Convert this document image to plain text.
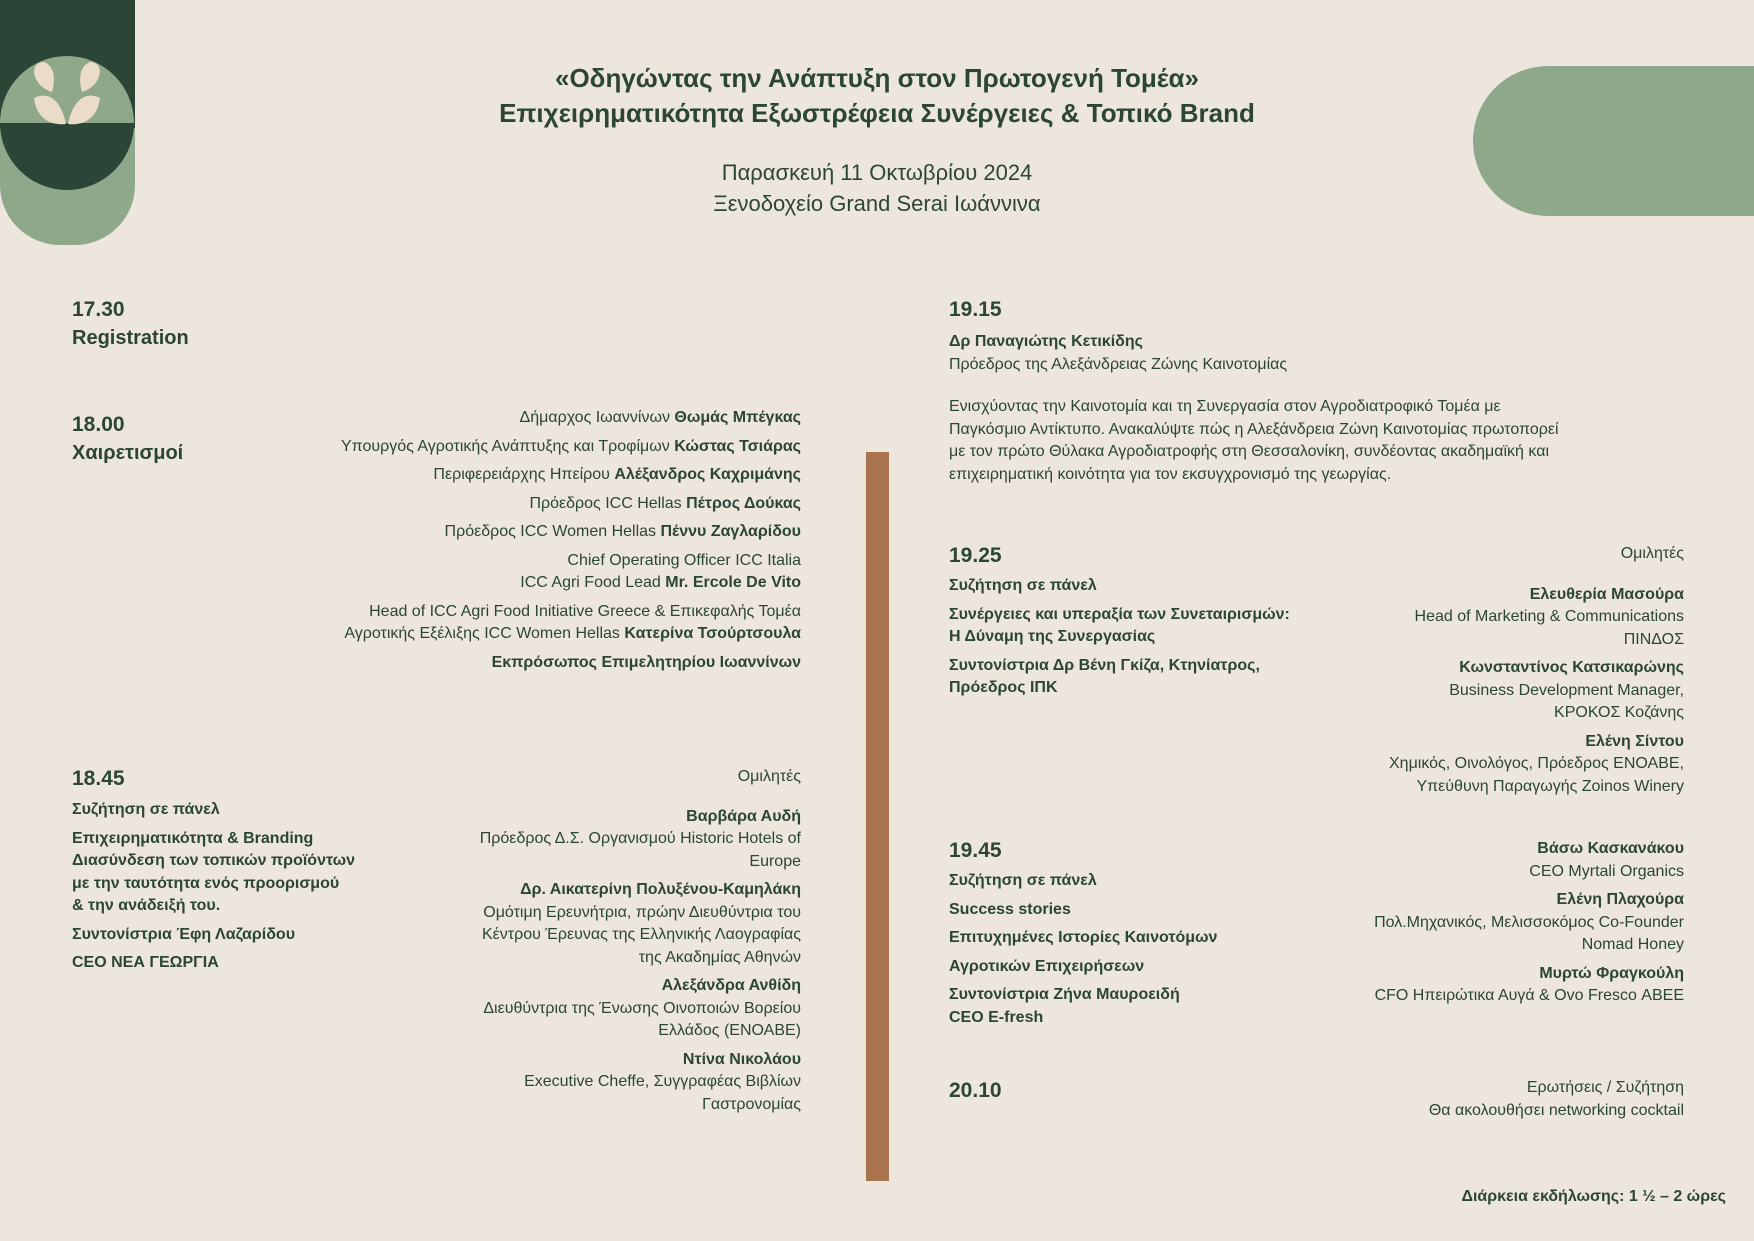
«Οδηγώντας την Ανάπτυξη στον Πρωτογενή Τομέα»
Επιχειρηματικότητα Εξωστρέφεια Συνέργειες & Τοπικό Brand
Παρασκευή 11 Οκτωβρίου 2024
Ξενοδοχείο Grand Serai Ιωάννινα
17.30
Registration
18.00
Χαιρετισμοί
Δήμαρχος Ιωαννίνων Θωμάς Μπέγκας
Υπουργός Αγροτικής Ανάπτυξης και Τροφίμων Κώστας Τσιάρας
Περιφερειάρχης Ηπείρου Αλέξανδρος Καχριμάνης
Πρόεδρος ICC Hellas Πέτρος Δούκας
Πρόεδρος ICC Women Hellas Πέννυ Ζαγλαρίδου
Chief Operating Officer ICC Italia
ICC Agri Food Lead Mr. Ercole De Vito
Head of ICC Agri Food Initiative Greece & Επικεφαλής Τομέα
Αγροτικής Εξέλιξης ICC Women Hellas Κατερίνα Τσούρτσουλα
Εκπρόσωπος Επιμελητηρίου Ιωαννίνων
18.45
Συζήτηση σε πάνελ
Επιχειρηματικότητα & Branding
Διασύνδεση των τοπικών προϊόντων
με την ταυτότητα ενός προορισμού
& την ανάδειξή του.
Συντονίστρια Έφη Λαζαρίδου
CEO ΝΕΑ ΓΕΩΡΓΙΑ
Ομιλητές
Βαρβάρα Αυδή
Πρόεδρος Δ.Σ. Οργανισμού Historic Hotels of
Europe
Δρ. Αικατερίνη Πολυξένου-Καμηλάκη
Ομότιμη Ερευνήτρια, πρώην Διευθύντρια του
Κέντρου Έρευνας της Ελληνικής Λαογραφίας
της Ακαδημίας Αθηνών
Αλεξάνδρα Ανθίδη
Διευθύντρια της Ένωσης Οινοποιών Βορείου
Ελλάδος (ΕΝΟΑΒΕ)
Ντίνα Νικολάου
Executive Cheffe, Συγγραφέας Βιβλίων
Γαστρονομίας
19.15
Δρ Παναγιώτης Κετικίδης
Πρόεδρος της Αλεξάνδρειας Ζώνης Καινοτομίας
Ενισχύοντας την Καινοτομία και τη Συνεργασία στον Αγροδιατροφικό Τομέα με
Παγκόσμιο Αντίκτυπο. Ανακαλύψτε πώς η Αλεξάνδρεια Ζώνη Καινοτομίας πρωτοπορεί
με τον πρώτο Θύλακα Αγροδιατροφής στη Θεσσαλονίκη, συνδέοντας ακαδημαϊκή και
επιχειρηματική κοινότητα για τον εκσυγχρονισμό της γεωργίας.
19.25
Συζήτηση σε πάνελ
Συνέργειες και υπεραξία των Συνεταιρισμών:
Η Δύναμη της Συνεργασίας
Συντονίστρια Δρ Βένη Γκίζα, Κτηνίατρος,
Πρόεδρος ΙΠΚ
Ομιλητές
Ελευθερία Μασούρα
Head of Marketing & Communications
ΠΙΝΔΟΣ
Κωνσταντίνος Κατσικαρώνης
Business Development Manager,
ΚΡΟΚΟΣ Κοζάνης
Ελένη Σίντου
Χημικός, Οινολόγος, Πρόεδρος ΕΝΟΑΒΕ,
Υπεύθυνη Παραγωγής Zoinos Winery
19.45
Συζήτηση σε πάνελ
Success stories
Επιτυχημένες Ιστορίες Καινοτόμων
Αγροτικών Επιχειρήσεων
Συντονίστρια Ζήνα Μαυροειδή
CEO E-fresh
Βάσω Κασκανάκου
CEO Myrtali Organics
Ελένη Πλαχούρα
Πολ.Μηχανικός, Μελισσοκόμος Co-Founder
Nomad Honey
Μυρτώ Φραγκούλη
CFO Ηπειρώτικα Αυγά & Ovo Fresco ΑΒΕΕ
20.10	Ερωτήσεις / Συζήτηση
Θα ακολουθήσει networking cocktail
Διάρκεια εκδήλωσης: 1 ½ – 2 ώρες
